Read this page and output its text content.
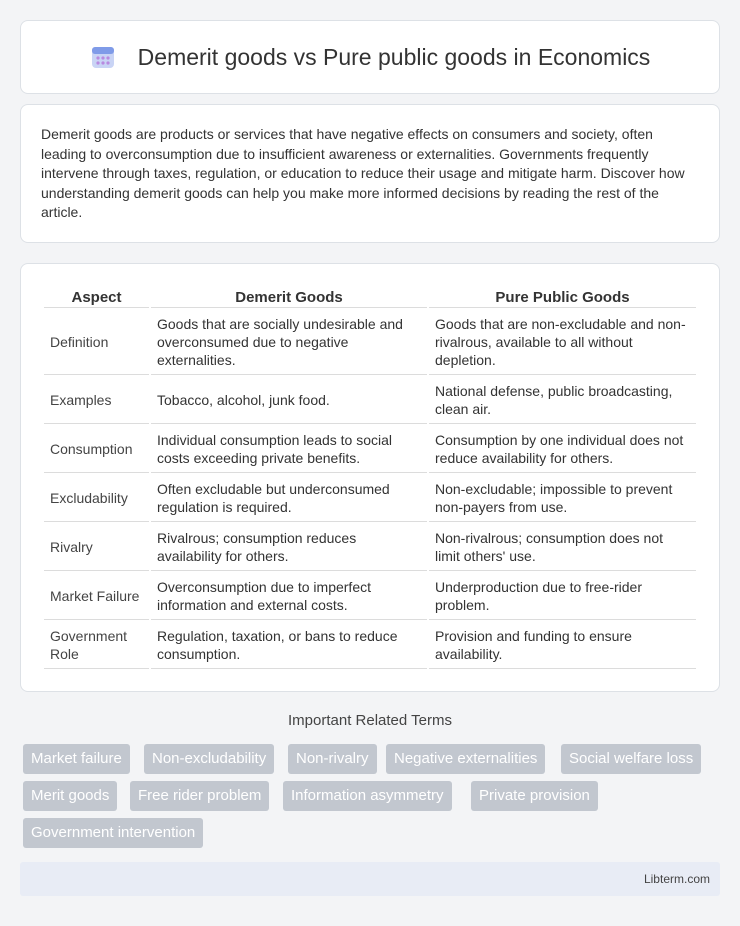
Demerit goods vs Pure public goods in Economics

Demerit goods are products or services that have negative effects on consumers and society, often leading to overconsumption due to insufficient awareness or externalities. Governments frequently intervene through taxes, regulation, or education to reduce their usage and mitigate harm. Discover how understanding demerit goods can help you make more informed decisions by reading the rest of the article.

Aspect	Demerit Goods	Pure Public Goods
Definition	Goods that are socially undesirable and overconsumed due to negative externalities.	Goods that are non-excludable and non-rivalrous, available to all without depletion.
Examples	Tobacco, alcohol, junk food.	National defense, public broadcasting, clean air.
Consumption	Individual consumption leads to social costs exceeding private benefits.	Consumption by one individual does not reduce availability for others.
Excludability	Often excludable but underconsumed regulation is required.	Non-excludable; impossible to prevent non-payers from use.
Rivalry	Rivalrous; consumption reduces availability for others.	Non-rivalrous; consumption does not limit others' use.
Market Failure	Overconsumption due to imperfect information and external costs.	Underproduction due to free-rider problem.
Government Role	Regulation, taxation, or bans to reduce consumption.	Provision and funding to ensure availability.
Important Related Terms
Market failure	Non-excludability	Non-rivalry	Negative externalities	Social welfare loss
Merit goods	Free rider problem	Information asymmetry	Private provision
Government intervention
Libterm.com
